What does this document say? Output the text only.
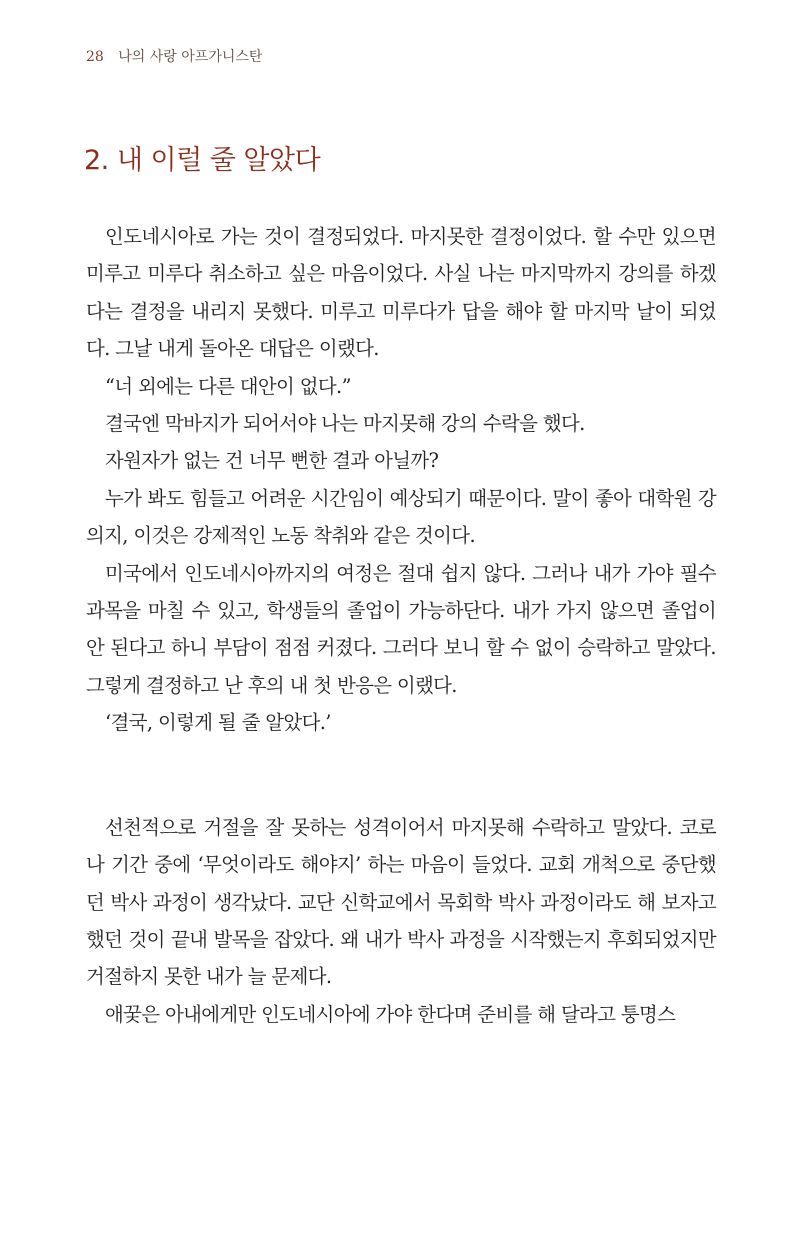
28 나의 사랑 아프가니스탄
2. 내 이럴 줄 알았다

인도네시아로 가는 것이 결정되었다. 마지못한 결정이었다. 할 수만 있으면 미루고 미루다 취소하고 싶은 마음이었다. 사실 나는 마지막까지 강의를 하겠다는 결정을 내리지 못했다. 미루고 미루다가 답을 해야 할 마지막 날이 되었다. 그날 내게 돌아온 대답은 이랬다.

“너 외에는 다른 대안이 없다.”

결국엔 막바지가 되어서야 나는 마지못해 강의 수락을 했다.

자원자가 없는 건 너무 뻔한 결과 아닐까?

누가 봐도 힘들고 어려운 시간임이 예상되기 때문이다. 말이 좋아 대학원 강의지, 이것은 강제적인 노동 착취와 같은 것이다.

미국에서 인도네시아까지의 여정은 절대 쉽지 않다. 그러나 내가 가야 필수 과목을 마칠 수 있고, 학생들의 졸업이 가능하단다. 내가 가지 않으면 졸업이 안 된다고 하니 부담이 점점 커졌다. 그러다 보니 할 수 없이 승락하고 말았다. 그렇게 결정하고 난 후의 내 첫 반응은 이랬다.

‘결국, 이렇게 될 줄 알았다.’

선천적으로 거절을 잘 못하는 성격이어서 마지못해 수락하고 말았다. 코로나 기간 중에 ‘무엇이라도 해야지’ 하는 마음이 들었다. 교회 개척으로 중단했던 박사 과정이 생각났다. 교단 신학교에서 목회학 박사 과정이라도 해 보자고 했던 것이 끝내 발목을 잡았다. 왜 내가 박사 과정을 시작했는지 후회되었지만 거절하지 못한 내가 늘 문제다.

애꿎은 아내에게만 인도네시아에 가야 한다며 준비를 해 달라고 퉁명스
